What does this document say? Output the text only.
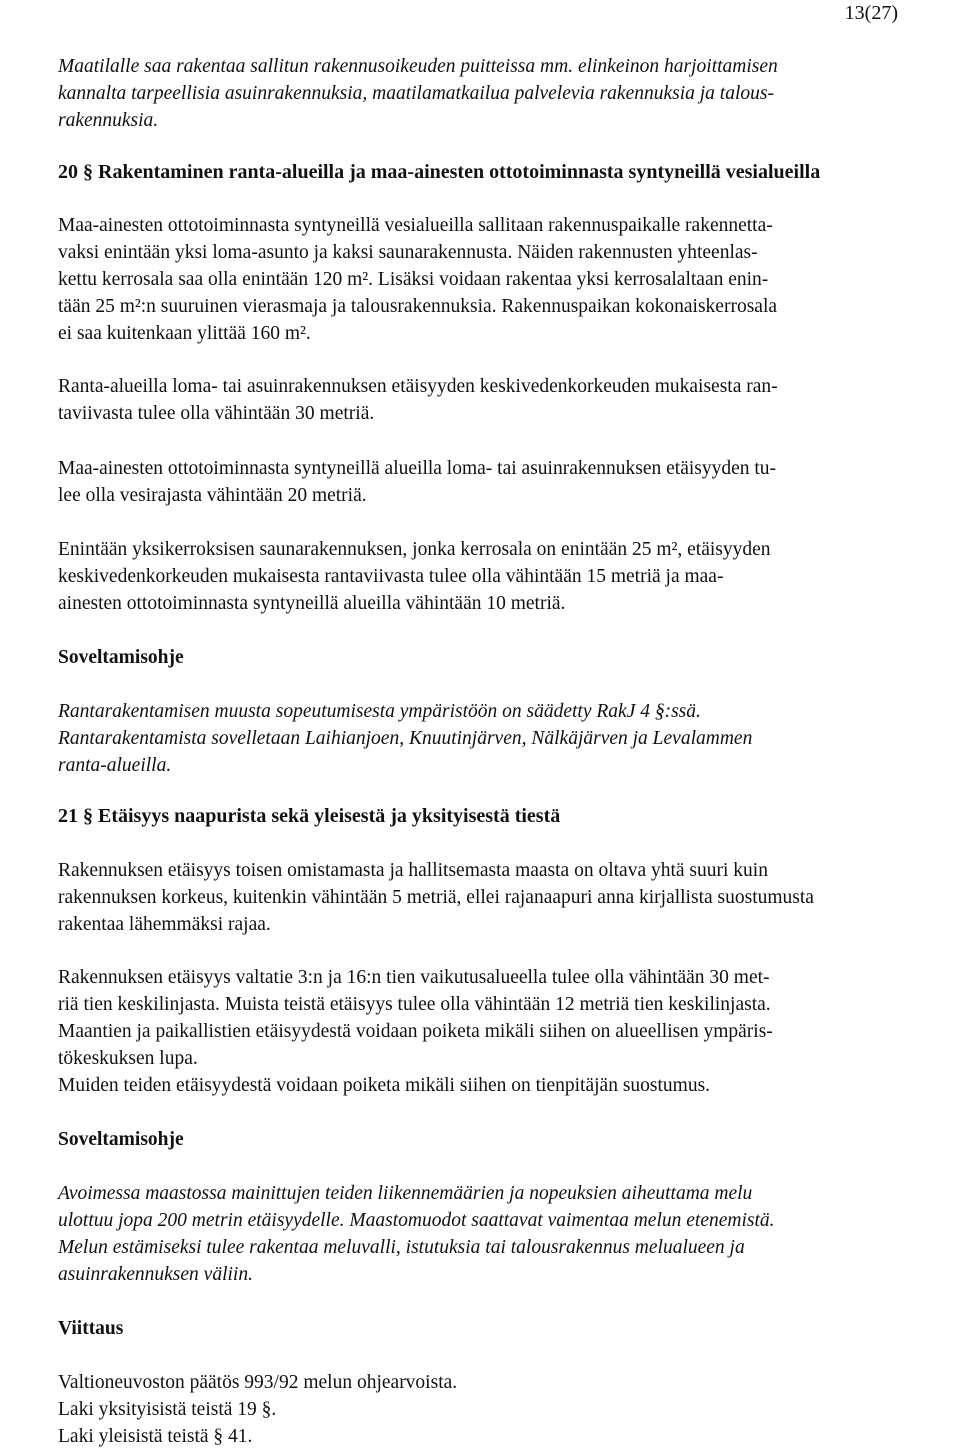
13(27)
Maatilalle saa rakentaa sallitun rakennusoikeuden puitteissa mm. elinkeinon harjoittamisen
kannalta tarpeellisia asuinrakennuksia, maatilamatkailua palvelevia rakennuksia ja talous-
rakennuksia.
20 § Rakentaminen ranta-alueilla ja maa-ainesten ottotoiminnasta syntyneillä vesialueilla
Maa-ainesten ottotoiminnasta syntyneillä vesialueilla sallitaan rakennuspaikalle rakennetta-
vaksi enintään yksi loma-asunto ja kaksi saunarakennusta. Näiden rakennusten yhteenlas-
kettu kerrosala saa olla enintään 120 m². Lisäksi voidaan rakentaa yksi kerrosalaltaan enin-
tään 25 m²:n suuruinen vierasmaja ja talousrakennuksia. Rakennuspaikan kokonaiskerrosala
ei saa kuitenkaan ylittää 160 m².
Ranta-alueilla loma- tai asuinrakennuksen etäisyyden keskivedenkorkeuden mukaisesta ran-
taviivasta tulee olla vähintään 30 metriä.
Maa-ainesten ottotoiminnasta syntyneillä alueilla loma- tai asuinrakennuksen etäisyyden tu-
lee olla vesirajasta vähintään 20 metriä.
Enintään yksikerroksisen saunarakennuksen, jonka kerrosala on enintään 25 m², etäisyyden
keskivedenkorkeuden mukaisesta rantaviivasta tulee olla vähintään 15 metriä ja maa-
ainesten ottotoiminnasta syntyneillä alueilla vähintään 10 metriä.
Soveltamisohje
Rantarakentamisen muusta sopeutumisesta ympäristöön on säädetty RakJ 4 §:ssä.
Rantarakentamista sovelletaan Laihianjoen, Knuutinjärven, Nälkäjärven ja Levalammen
ranta-alueilla.
21 § Etäisyys naapurista sekä yleisestä ja yksityisestä tiestä
Rakennuksen etäisyys toisen omistamasta ja hallitsemasta maasta on oltava yhtä suuri kuin
rakennuksen korkeus, kuitenkin vähintään 5 metriä, ellei rajanaapuri anna kirjallista suostumusta
rakentaa lähemmäksi rajaa.
Rakennuksen etäisyys valtatie 3:n ja 16:n tien vaikutusalueella tulee olla vähintään 30 met-
riä tien keskilinjasta. Muista teistä etäisyys tulee olla vähintään 12 metriä tien keskilinjasta.
Maantien ja paikallistien etäisyydestä voidaan poiketa mikäli siihen on alueellisen ympäris-
tökeskuksen lupa.
Muiden teiden etäisyydestä voidaan poiketa mikäli siihen on tienpitäjän suostumus.
Soveltamisohje
Avoimessa maastossa mainittujen teiden liikennemäärien ja nopeuksien aiheuttama melu
ulottuu jopa 200 metrin etäisyydelle. Maastomuodot saattavat vaimentaa melun etenemistä.
Melun estämiseksi tulee rakentaa meluvalli, istutuksia tai talousrakennus melualueen ja
asuinrakennuksen väliin.
Viittaus
Valtioneuvoston päätös 993/92 melun ohjearvoista.
Laki yksityisistä teistä 19 §.
Laki yleisistä teistä § 41.
